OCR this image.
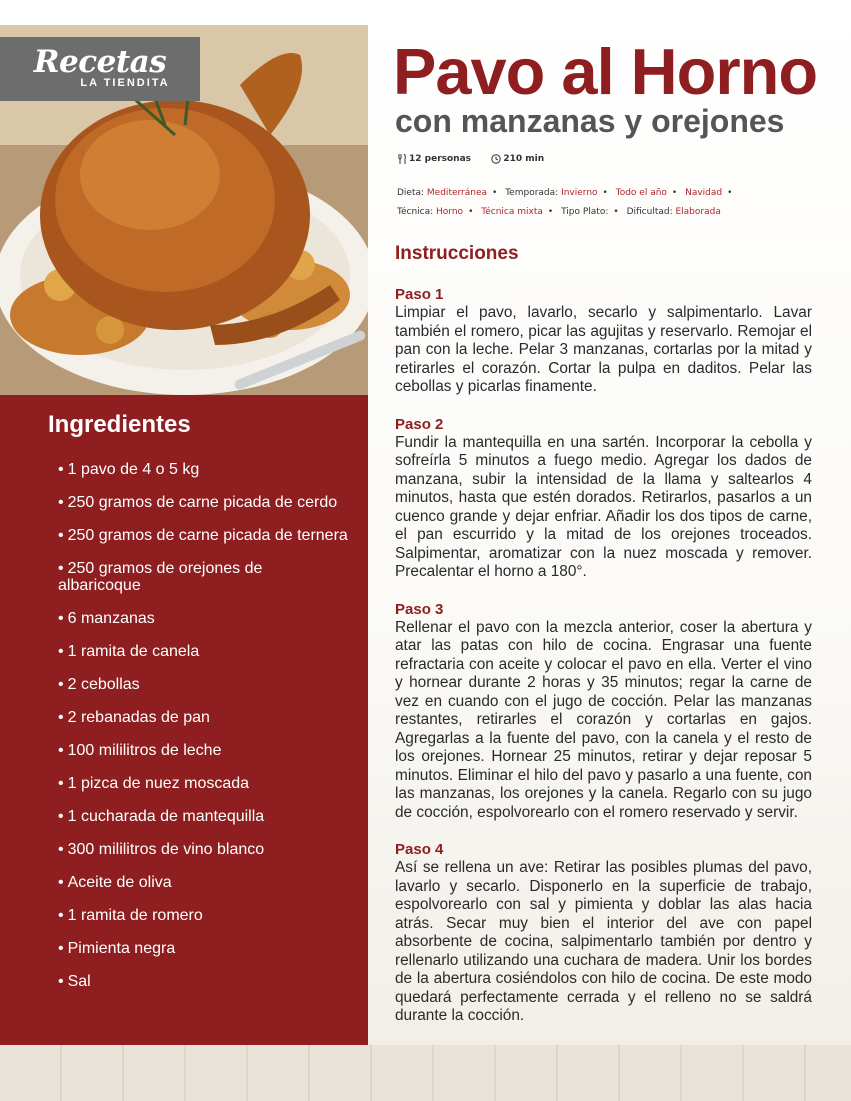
Recetas
LA TIENDITA
Ingredientes
• 1 pavo de 4 o 5 kg
• 250 gramos de carne picada de cerdo
• 250 gramos de carne picada de ternera
• 250 gramos de orejones de albaricoque
• 6 manzanas
• 1 ramita de canela
• 2 cebollas
• 2 rebanadas de pan
• 100 mililitros de leche
• 1 pizca de nuez moscada
• 1 cucharada de mantequilla
• 300 mililitros de vino blanco
• Aceite de oliva
• 1 ramita de romero
• Pimienta negra
• Sal
Pavo al Horno
con manzanas y orejones
12 personas	210 min
Dieta: Mediterránea • Temporada: Invierno • Todo el año • Navidad •
Técnica: Horno • Técnica mixta • Tipo Plato: • Dificultad: Elaborada
Instrucciones
Paso 1

Limpiar el pavo, lavarlo, secarlo y salpimentarlo. Lavar también el romero, picar las agujitas y reservarlo. Remojar el pan con la leche. Pelar 3 manzanas, cortarlas por la mitad y retirarles el corazón. Cortar la pulpa en daditos. Pelar las cebollas y picarlas finamente.

Paso 2

Fundir la mantequilla en una sartén. Incorporar la cebolla y sofreírla 5 minutos a fuego medio. Agregar los dados de manzana, subir la intensidad de la llama y saltearlos 4 minutos, hasta que estén dorados. Retirarlos, pasarlos a un cuenco grande y dejar enfriar. Añadir los dos tipos de carne, el pan escurrido y la mitad de los orejones troceados. Salpimentar, aromatizar con la nuez moscada y remover. Precalentar el horno a 180°.

Paso 3

Rellenar el pavo con la mezcla anterior, coser la abertura y atar las patas con hilo de cocina. Engrasar una fuente refractaria con aceite y colocar el pavo en ella. Verter el vino y hornear durante 2 horas y 35 minutos; regar la carne de vez en cuando con el jugo de cocción. Pelar las manzanas restantes, retirarles el corazón y cortarlas en gajos. Agregarlas a la fuente del pavo, con la canela y el resto de los orejones. Hornear 25 minutos, retirar y dejar reposar 5 minutos. Eliminar el hilo del pavo y pasarlo a una fuente, con las manzanas, los orejones y la canela. Regarlo con su jugo de cocción, espolvorearlo con el romero reservado y servir.

Paso 4

Así se rellena un ave: Retirar las posibles plumas del pavo, lavarlo y secarlo. Disponerlo en la superficie de trabajo, espolvorearlo con sal y pimienta y doblar las alas hacia atrás. Secar muy bien el interior del ave con papel absorbente de cocina, salpimentarlo también por dentro y rellenarlo utilizando una cuchara de madera. Unir los bordes de la abertura cosiéndolos con hilo de cocina. De este modo quedará perfectamente cerrada y el relleno no se saldrá durante la cocción.
